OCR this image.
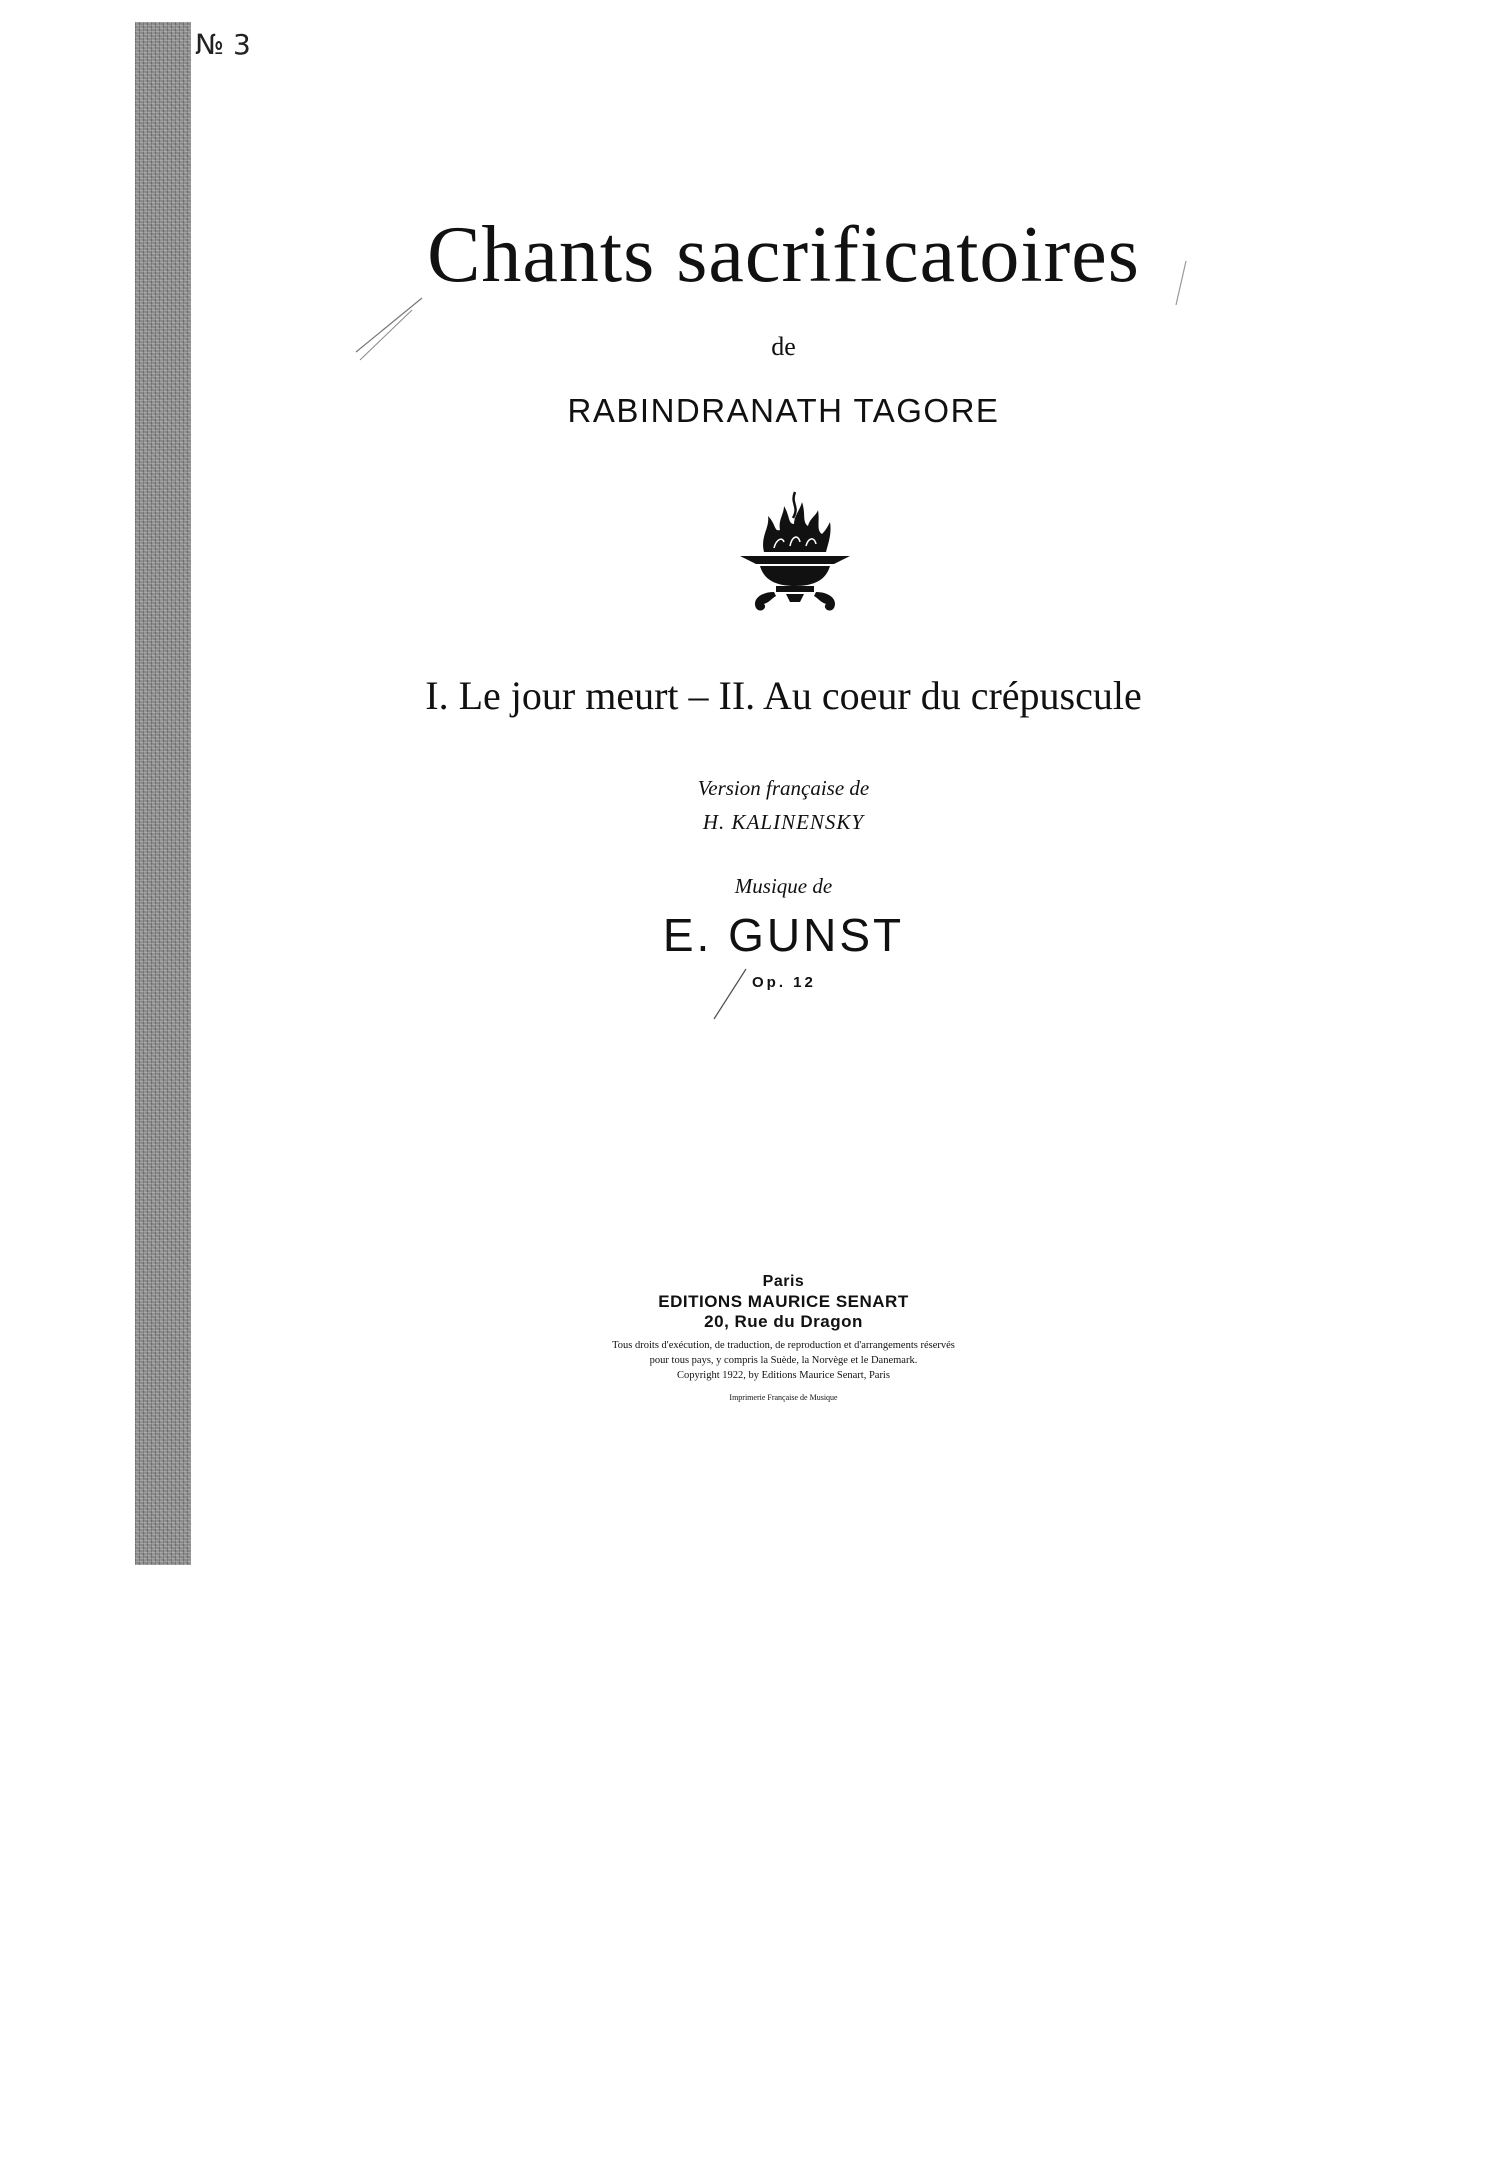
№ 3
Chants sacrificatoires
de
RABINDRANATH TAGORE
I. Le jour meurt – II. Au coeur du crépuscule
Version française de
H. KALINENSKY
Musique de
E. GUNST
Op. 12
Paris
EDITIONS MAURICE SENART
20, Rue du Dragon
Tous droits d'exécution, de traduction, de reproduction et d'arrangements réservés
pour tous pays, y compris la Suède, la Norvège et le Danemark.
Copyright 1922, by Editions Maurice Senart, Paris
Imprimerie Française de Musique
